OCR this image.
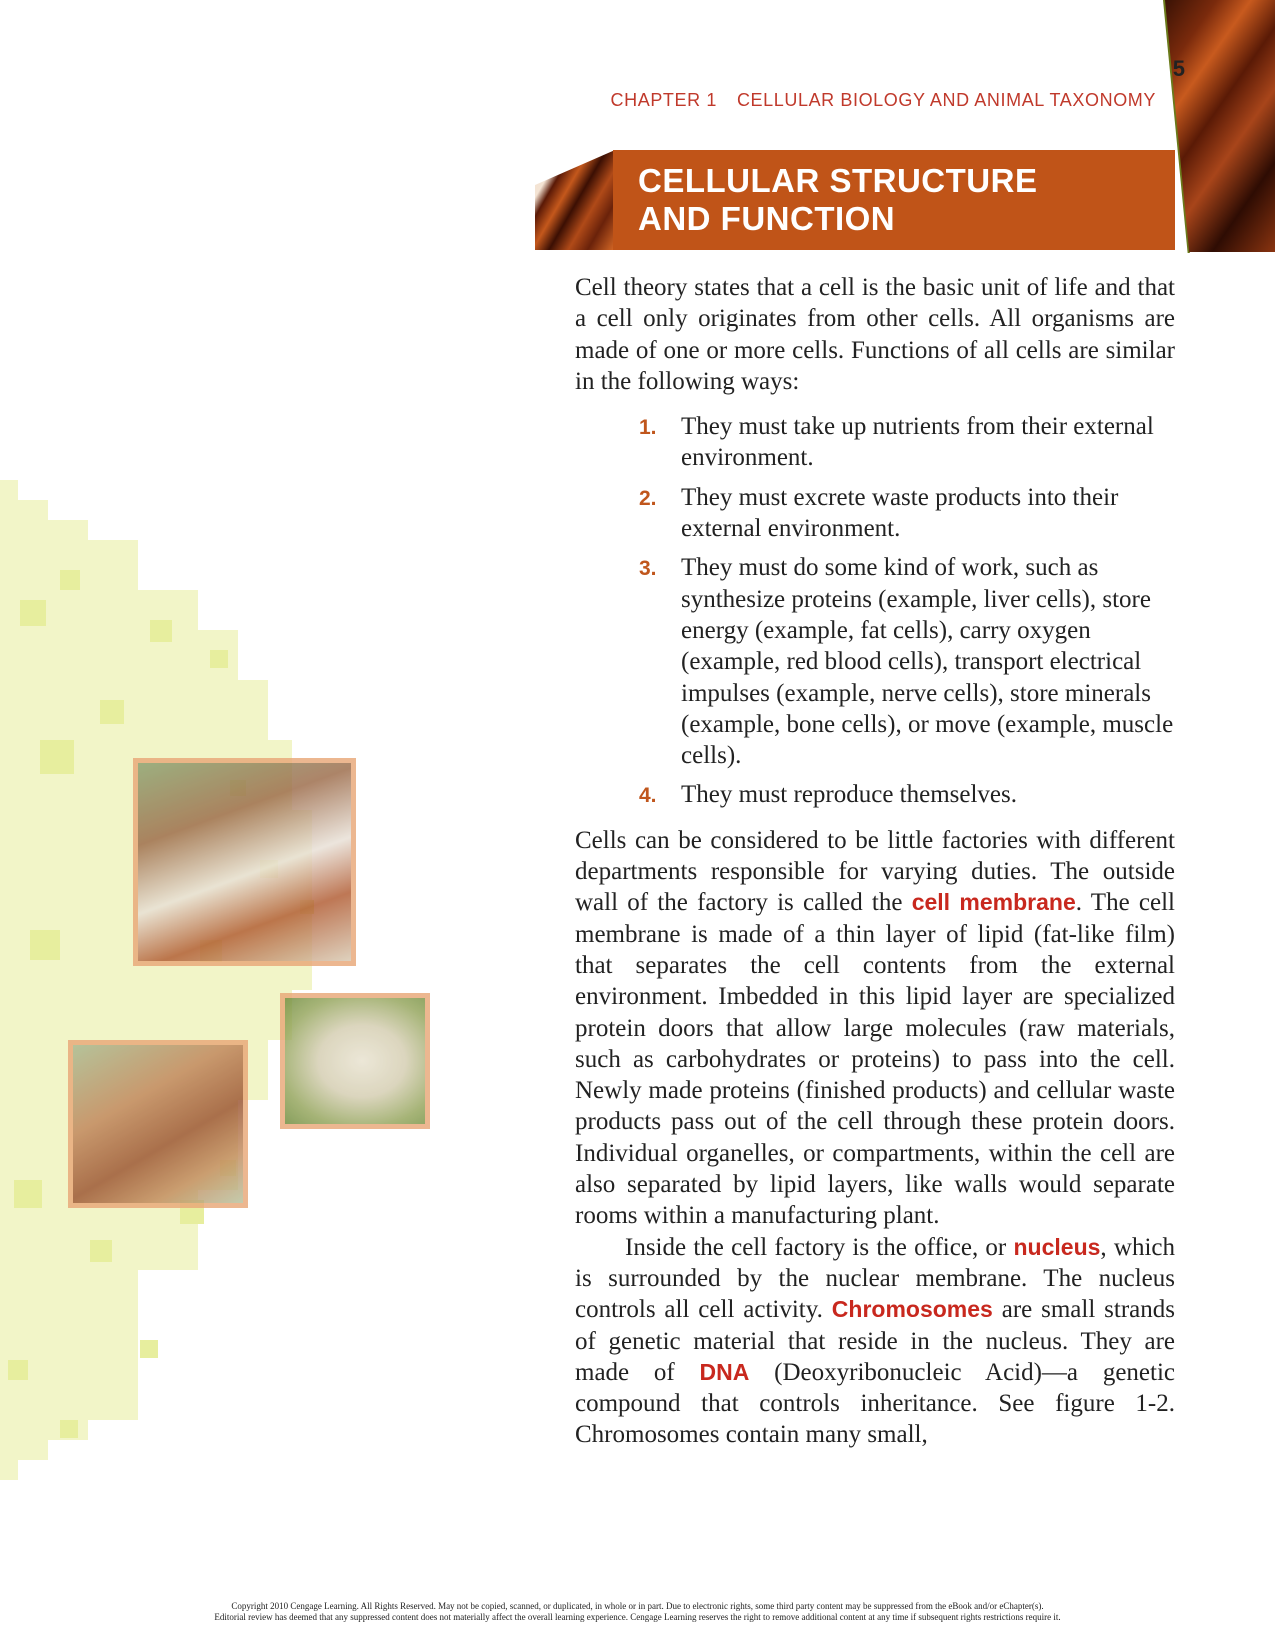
5
CHAPTER 1 CELLULAR BIOLOGY AND ANIMAL TAXONOMY
CELLULAR STRUCTURE
AND FUNCTION

Cell theory states that a cell is the basic unit of life and that a cell only originates from other cells. All organisms are made of one or more cells. Functions of all cells are similar in the following ways:

1. They must take up nutrients from their external environment.
2. They must excrete waste products into their external environment.
3. They must do some kind of work, such as synthesize proteins (example, liver cells), store energy (example, fat cells), carry oxygen (example, red blood cells), transport electrical impulses (example, nerve cells), store minerals (example, bone cells), or move (example, muscle cells).
4. They must reproduce themselves.

Cells can be considered to be little factories with different departments responsible for varying duties. The outside wall of the factory is called the cell membrane. The cell membrane is made of a thin layer of lipid (fat-like film) that separates the cell contents from the external environment. Imbedded in this lipid layer are specialized protein doors that allow large molecules (raw materials, such as carbohydrates or proteins) to pass into the cell. Newly made proteins (finished products) and cellular waste products pass out of the cell through these protein doors. Individual organelles, or compartments, within the cell are also separated by lipid layers, like walls would separate rooms within a manufacturing plant.

Inside the cell factory is the office, or nucleus, which is surrounded by the nuclear membrane. The nucleus controls all cell activity. Chromosomes are small strands of genetic material that reside in the nucleus. They are made of DNA (Deoxyribonucleic Acid)—a genetic compound that controls inheritance. See figure 1-2. Chromosomes contain many small,

Copyright 2010 Cengage Learning. All Rights Reserved. May not be copied, scanned, or duplicated, in whole or in part. Due to electronic rights, some third party content may be suppressed from the eBook and/or eChapter(s).
Editorial review has deemed that any suppressed content does not materially affect the overall learning experience. Cengage Learning reserves the right to remove additional content at any time if subsequent rights restrictions require it.
